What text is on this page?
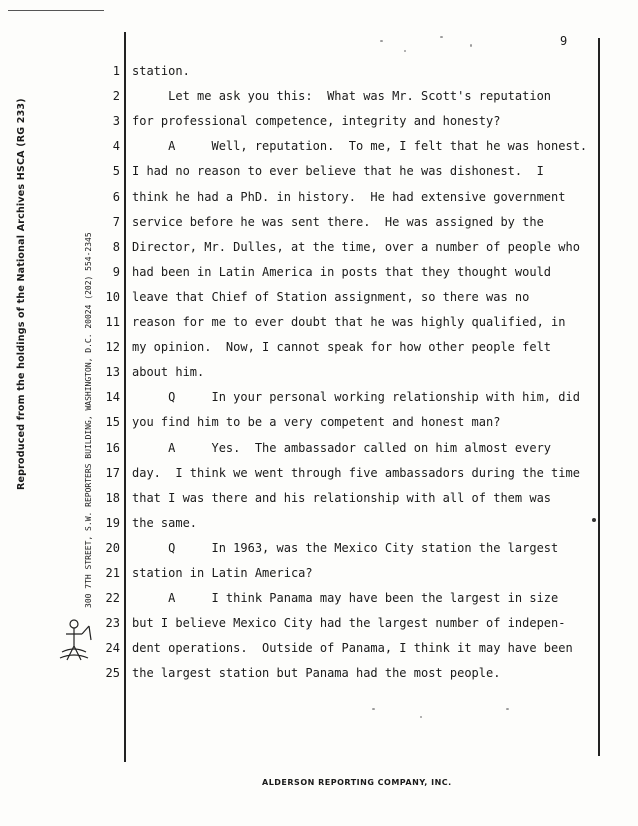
9
Reproduced from the holdings of the National Archives HSCA (RG 233)	300 7TH STREET, S.W. REPORTERS BUILDING, WASHINGTON, D.C. 20024 (202) 554-2345
1 station.
2 Let me ask you this:  What was Mr. Scott's reputation
3 for professional competence, integrity and honesty?
4 A     Well, reputation.  To me, I felt that he was honest.
5 I had no reason to ever believe that he was dishonest.  I
6 think he had a PhD. in history.  He had extensive government
7 service before he was sent there.  He was assigned by the
8 Director, Mr. Dulles, at the time, over a number of people who
9 had been in Latin America in posts that they thought would
10 leave that Chief of Station assignment, so there was no
11 reason for me to ever doubt that he was highly qualified, in
12 my opinion.  Now, I cannot speak for how other people felt
13 about him.
14 Q     In your personal working relationship with him, did
15 you find him to be a very competent and honest man?
16 A     Yes.  The ambassador called on him almost every
17 day.  I think we went through five ambassadors during the time
18 that I was there and his relationship with all of them was
19 the same.
20 Q     In 1963, was the Mexico City station the largest
21 station in Latin America?
22 A     I think Panama may have been the largest in size
23 but I believe Mexico City had the largest number of indepen-
24 dent operations.  Outside of Panama, I think it may have been
25 the largest station but Panama had the most people.
ALDERSON REPORTING COMPANY, INC.
